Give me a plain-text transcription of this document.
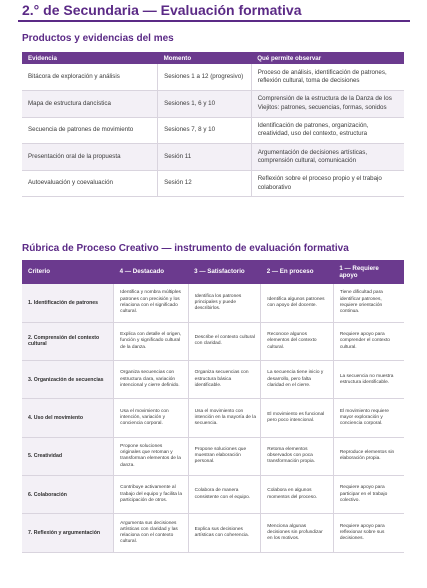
2.° de Secundaria — Evaluación formativa
Productos y evidencias del mes
Evidencia	Momento	Qué permite observar
Bitácora de exploración y análisis	Sesiones 1 a 12 (progresivo)	Proceso de análisis, identificación de patrones, reflexión cultural, toma de decisiones
Mapa de estructura dancística	Sesiones 1, 6 y 10	Comprensión de la estructura de la Danza de los Viejitos: patrones, secuencias, formas, sonidos
Secuencia de patrones de movimiento	Sesiones 7, 8 y 10	Identificación de patrones, organización, creatividad, uso del contexto, estructura
Presentación oral de la propuesta	Sesión 11	Argumentación de decisiones artísticas, comprensión cultural, comunicación
Autoevaluación y coevaluación	Sesión 12	Reflexión sobre el proceso propio y el trabajo colaborativo
Rúbrica de Proceso Creativo — instrumento de evaluación formativa
Criterio	4 — Destacado	3 — Satisfactorio	2 — En proceso	1 — Requiere apoyo
1. Identificación de patrones	Identifica y nombra múltiples patrones con precisión y los relaciona con el significado cultural.	Identifica los patrones principales y puede describirlos.	Identifica algunos patrones con apoyo del docente.	Tiene dificultad para identificar patrones, requiere orientación continua.
2. Comprensión del contexto cultural	Explica con detalle el origen, función y significado cultural de la danza.	Describe el contexto cultural con claridad.	Reconoce algunos elementos del contexto cultural.	Requiere apoyo para comprender el contexto cultural.
3. Organización de secuencias	Organiza secuencias con estructura clara, variación intencional y cierre definido.	Organiza secuencias con estructura básica identificable.	La secuencia tiene inicio y desarrollo, pero falta claridad en el cierre.	La secuencia no muestra estructura identificable.
4. Uso del movimiento	Usa el movimiento con intención, variación y conciencia corporal.	Usa el movimiento con intención en la mayoría de la secuencia.	El movimiento es funcional pero poco intencional.	El movimiento requiere mayor exploración y conciencia corporal.
5. Creatividad	Propone soluciones originales que retoman y transforman elementos de la danza.	Propone soluciones que muestran elaboración personal.	Retoma elementos observados con poca transformación propia.	Reproduce elementos sin elaboración propia.
6. Colaboración	Contribuye activamente al trabajo del equipo y facilita la participación de otros.	Colabora de manera consistente con el equipo.	Colabora en algunos momentos del proceso.	Requiere apoyo para participar en el trabajo colectivo.
7. Reflexión y argumentación	Argumenta sus decisiones artísticas con claridad y las relaciona con el contexto cultural.	Explica sus decisiones artísticas con coherencia.	Menciona algunas decisiones sin profundizar en los motivos.	Requiere apoyo para reflexionar sobre sus decisiones.
